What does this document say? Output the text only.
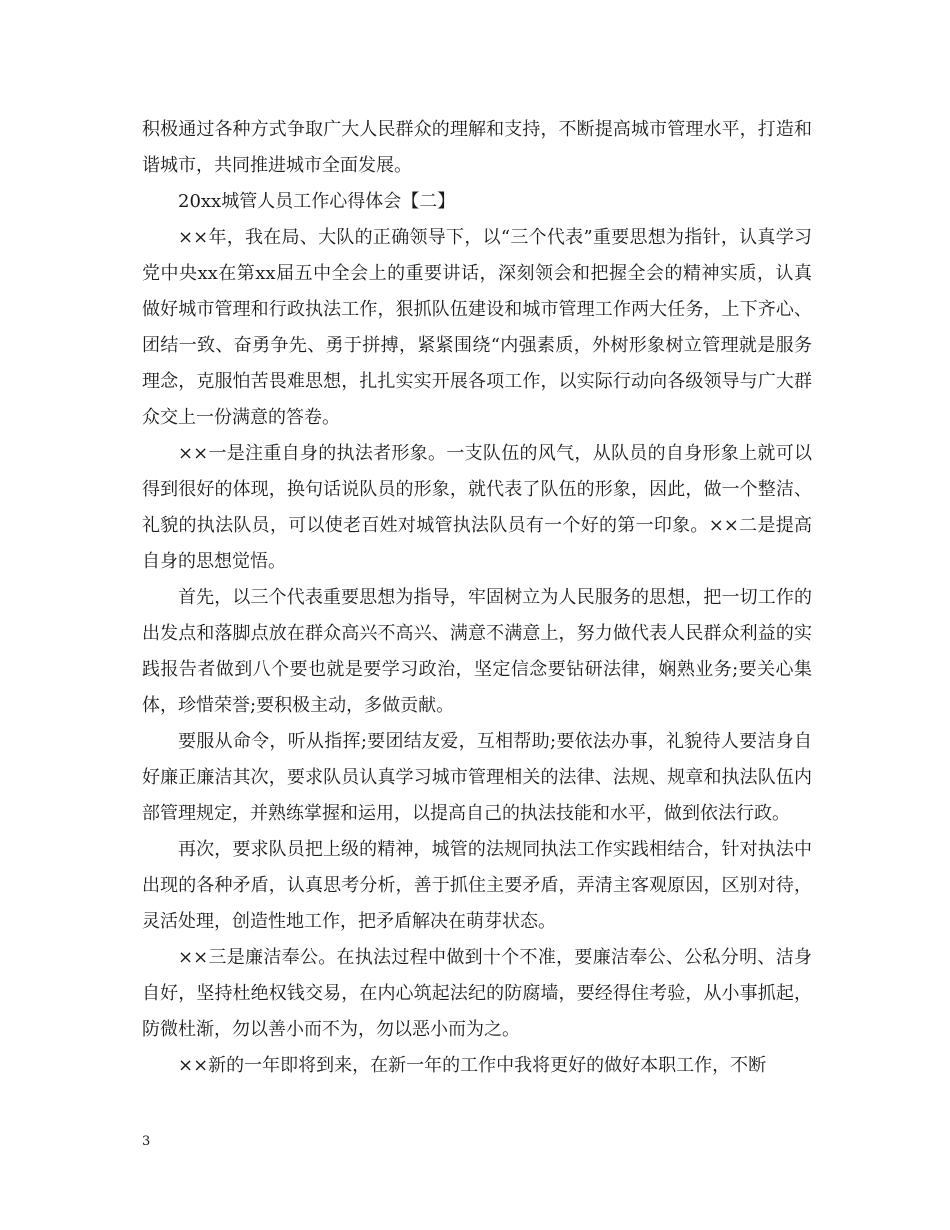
积极通过各种方式争取广大人民群众的理解和支持，不断提高城市管理水平，打造和谐城市，共同推进城市全面发展。

20xx城管人员工作心得体会【二】

××年，我在局、大队的正确领导下，以“三个代表”重要思想为指针，认真学习党中央xx在第xx届五中全会上的重要讲话，深刻领会和把握全会的精神实质，认真做好城市管理和行政执法工作，狠抓队伍建设和城市管理工作两大任务，上下齐心、团结一致、奋勇争先、勇于拼搏，紧紧围绕“内强素质，外树形象树立管理就是服务理念，克服怕苦畏难思想，扎扎实实开展各项工作，以实际行动向各级领导与广大群众交上一份满意的答卷。

××一是注重自身的执法者形象。一支队伍的风气，从队员的自身形象上就可以得到很好的体现，换句话说队员的形象，就代表了队伍的形象，因此，做一个整洁、礼貌的执法队员，可以使老百姓对城管执法队员有一个好的第一印象。××二是提高自身的思想觉悟。

首先，以三个代表重要思想为指导，牢固树立为人民服务的思想，把一切工作的出发点和落脚点放在群众高兴不高兴、满意不满意上，努力做代表人民群众利益的实践报告者做到八个要也就是要学习政治，坚定信念要钻研法律，娴熟业务;要关心集体，珍惜荣誉;要积极主动，多做贡献。

要服从命令，听从指挥;要团结友爱，互相帮助;要依法办事，礼貌待人要洁身自好廉正廉洁其次，要求队员认真学习城市管理相关的法律、法规、规章和执法队伍内部管理规定，并熟练掌握和运用，以提高自己的执法技能和水平，做到依法行政。

再次，要求队员把上级的精神，城管的法规同执法工作实践相结合，针对执法中出现的各种矛盾，认真思考分析，善于抓住主要矛盾，弄清主客观原因，区别对待，灵活处理，创造性地工作，把矛盾解决在萌芽状态。

××三是廉洁奉公。在执法过程中做到十个不准，要廉洁奉公、公私分明、洁身自好，坚持杜绝权钱交易，在内心筑起法纪的防腐墙，要经得住考验，从小事抓起，防微杜渐，勿以善小而不为，勿以恶小而为之。

××新的一年即将到来，在新一年的工作中我将更好的做好本职工作，不断

3
